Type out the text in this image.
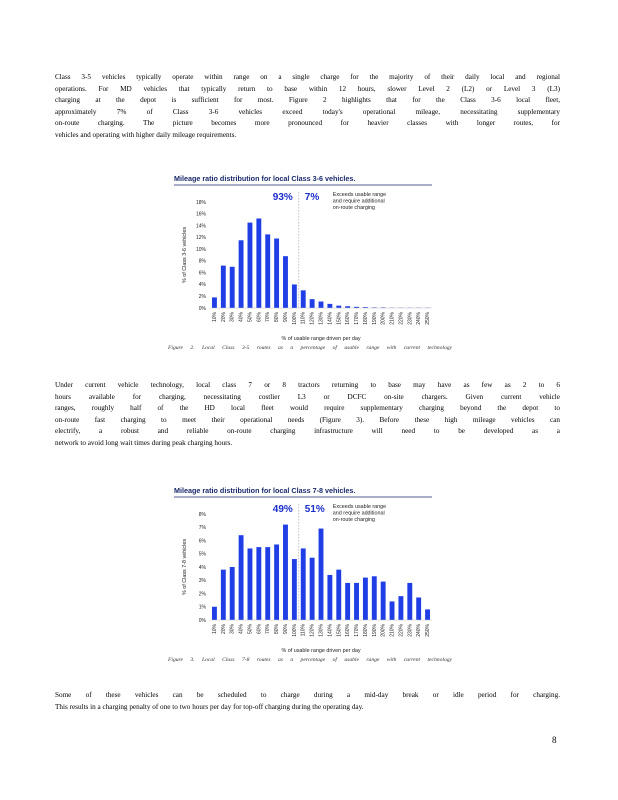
Class 3-5 vehicles typically operate within range on a single charge for the majority of their daily local and regional
operations. For MD vehicles that typically return to base within 12 hours, slower Level 2 (L2) or Level 3 (L3)
charging at the depot is sufficient for most. Figure 2 highlights that for the Class 3-6 local fleet,
approximately 7% of Class 3-6 vehicles exceed today's operational mileage, necessitating supplementary
on-route charging. The picture becomes more pronounced for heavier classes with longer routes, for
vehicles and operating with higher daily mileage requirements.
Mileage ratio distribution for local Class 3-6 vehicles.
0%
2%
4%
6%
8%
10%
12%
14%
16%
18%
% of Class 3-6 vehicles
10% 20% 30% 40% 50% 60% 70% 80% 90% 100% 110% 120% 130% 140% 150% 160% 170% 180% 190% 200% 210% 220% 230% 240% 250%
93% 7%	Exceeds usable range
and require additional
on-route charging
% of usable range driven per day
Figure 2. Local Class 3-5 routes as a percentage of usable range with current technology
Under current vehicle technology, local class 7 or 8 tractors returning to base may have as few as 2 to 6
hours available for charging, necessitating costlier L3 or DCFC on-site chargers. Given current vehicle
ranges, roughly half of the HD local fleet would require supplementary charging beyond the depot to
on-route fast charging to meet their operational needs (Figure 3). Before these high mileage vehicles can
electrify, a robust and reliable on-route charging infrastructure will need to be developed as a
network to avoid long wait times during peak charging hours.
Mileage ratio distribution for local Class 7-8 vehicles.
0%
1%
2%
3%
4%
5%
6%
7%
8%
% of Class 7-8 vehicles
10% 20% 30% 40% 50% 60% 70% 80% 90% 100% 110% 120% 130% 140% 150% 160% 170% 180% 190% 200% 210% 220% 230% 240% 250%
49% 51% Exceeds usable range
and require additional
on-route charging
% of usable range driven per day
Figure 3. Local Class 7-8 routes as a percentage of usable range with current technology
Some of these vehicles can be scheduled to charge during a mid-day break or idle period for charging.
This results in a charging penalty of one to two hours per day for top-off charging during the operating day.
8
